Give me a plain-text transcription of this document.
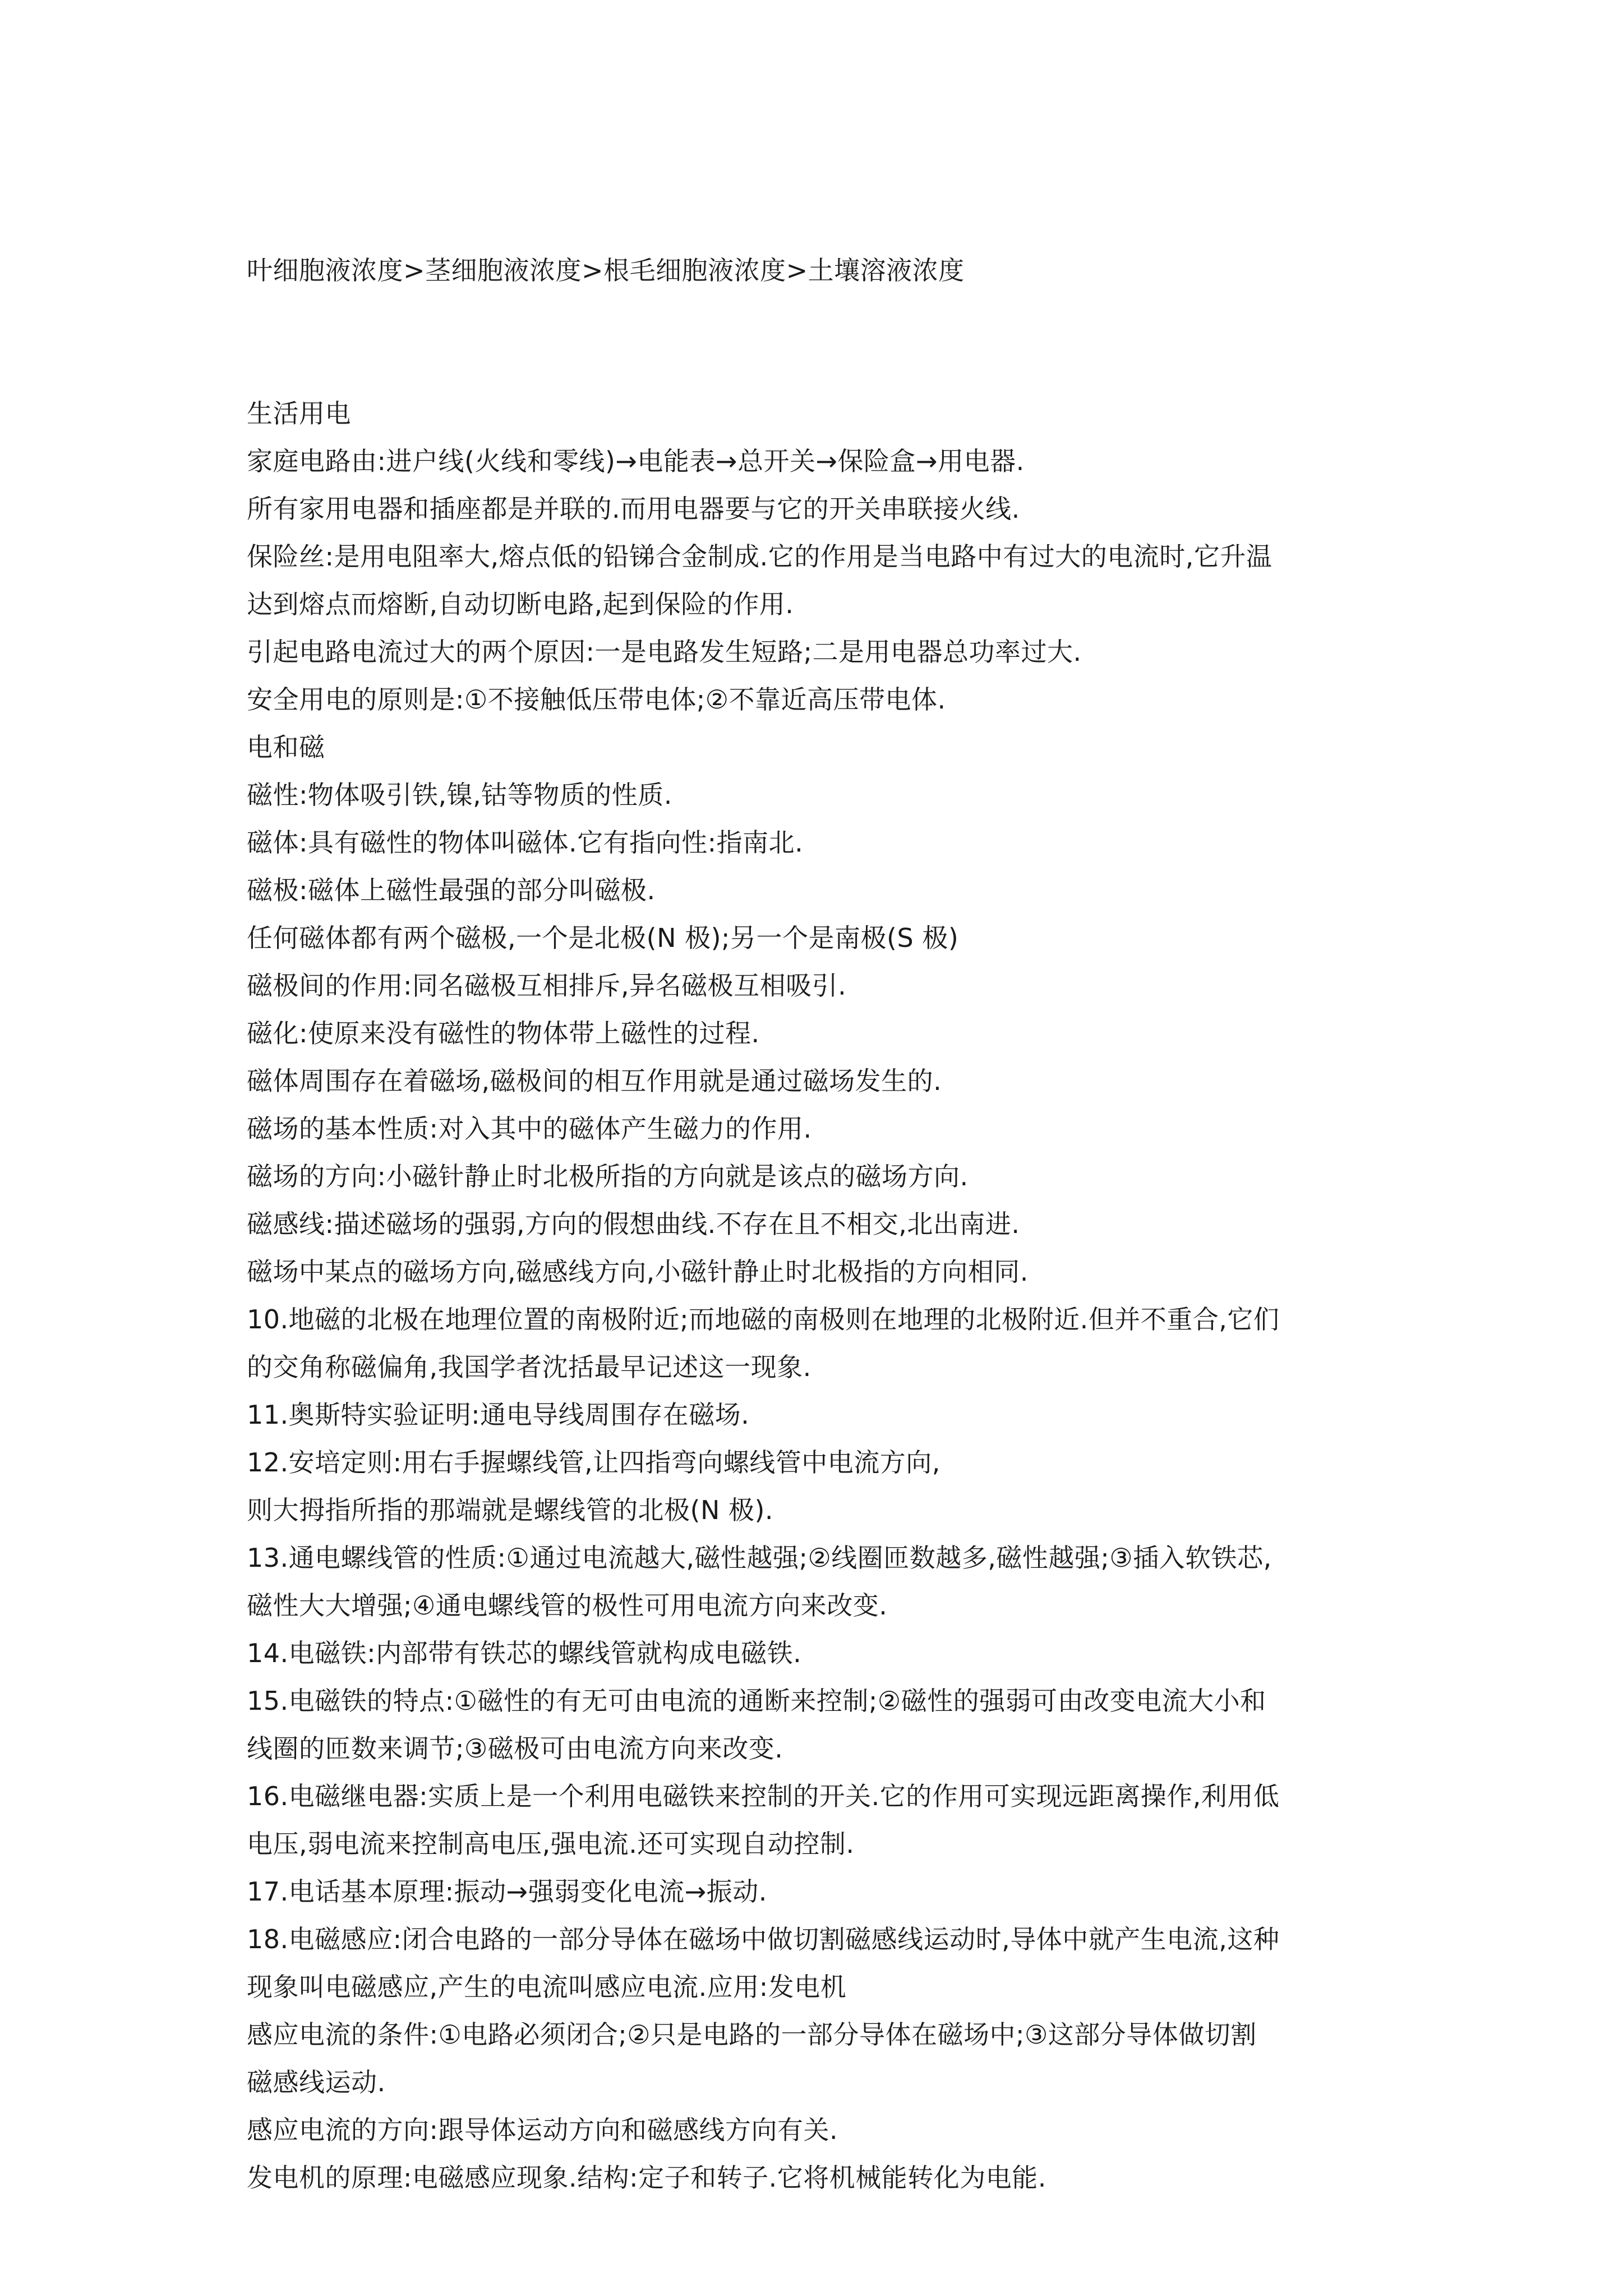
叶细胞液浓度>茎细胞液浓度>根毛细胞液浓度>土壤溶液浓度
生活用电
家庭电路由:进户线(火线和零线)→电能表→总开关→保险盒→用电器.
所有家用电器和插座都是并联的.而用电器要与它的开关串联接火线.
保险丝:是用电阻率大,熔点低的铅锑合金制成.它的作用是当电路中有过大的电流时,它升温
达到熔点而熔断,自动切断电路,起到保险的作用.
引起电路电流过大的两个原因:一是电路发生短路;二是用电器总功率过大.
安全用电的原则是:①不接触低压带电体;②不靠近高压带电体.
电和磁
磁性:物体吸引铁,镍,钴等物质的性质.
磁体:具有磁性的物体叫磁体.它有指向性:指南北.
磁极:磁体上磁性最强的部分叫磁极.
任何磁体都有两个磁极,一个是北极(N 极);另一个是南极(S 极)
磁极间的作用:同名磁极互相排斥,异名磁极互相吸引.
磁化:使原来没有磁性的物体带上磁性的过程.
磁体周围存在着磁场,磁极间的相互作用就是通过磁场发生的.
磁场的基本性质:对入其中的磁体产生磁力的作用.
磁场的方向:小磁针静止时北极所指的方向就是该点的磁场方向.
磁感线:描述磁场的强弱,方向的假想曲线.不存在且不相交,北出南进.
磁场中某点的磁场方向,磁感线方向,小磁针静止时北极指的方向相同.
10.地磁的北极在地理位置的南极附近;而地磁的南极则在地理的北极附近.但并不重合,它们
的交角称磁偏角,我国学者沈括最早记述这一现象.
11.奥斯特实验证明:通电导线周围存在磁场.
12.安培定则:用右手握螺线管,让四指弯向螺线管中电流方向,
则大拇指所指的那端就是螺线管的北极(N 极).
13.通电螺线管的性质:①通过电流越大,磁性越强;②线圈匝数越多,磁性越强;③插入软铁芯,
磁性大大增强;④通电螺线管的极性可用电流方向来改变.
14.电磁铁:内部带有铁芯的螺线管就构成电磁铁.
15.电磁铁的特点:①磁性的有无可由电流的通断来控制;②磁性的强弱可由改变电流大小和
线圈的匝数来调节;③磁极可由电流方向来改变.
16.电磁继电器:实质上是一个利用电磁铁来控制的开关.它的作用可实现远距离操作,利用低
电压,弱电流来控制高电压,强电流.还可实现自动控制.
17.电话基本原理:振动→强弱变化电流→振动.
18.电磁感应:闭合电路的一部分导体在磁场中做切割磁感线运动时,导体中就产生电流,这种
现象叫电磁感应,产生的电流叫感应电流.应用:发电机
感应电流的条件:①电路必须闭合;②只是电路的一部分导体在磁场中;③这部分导体做切割
磁感线运动.
感应电流的方向:跟导体运动方向和磁感线方向有关.
发电机的原理:电磁感应现象.结构:定子和转子.它将机械能转化为电能.
